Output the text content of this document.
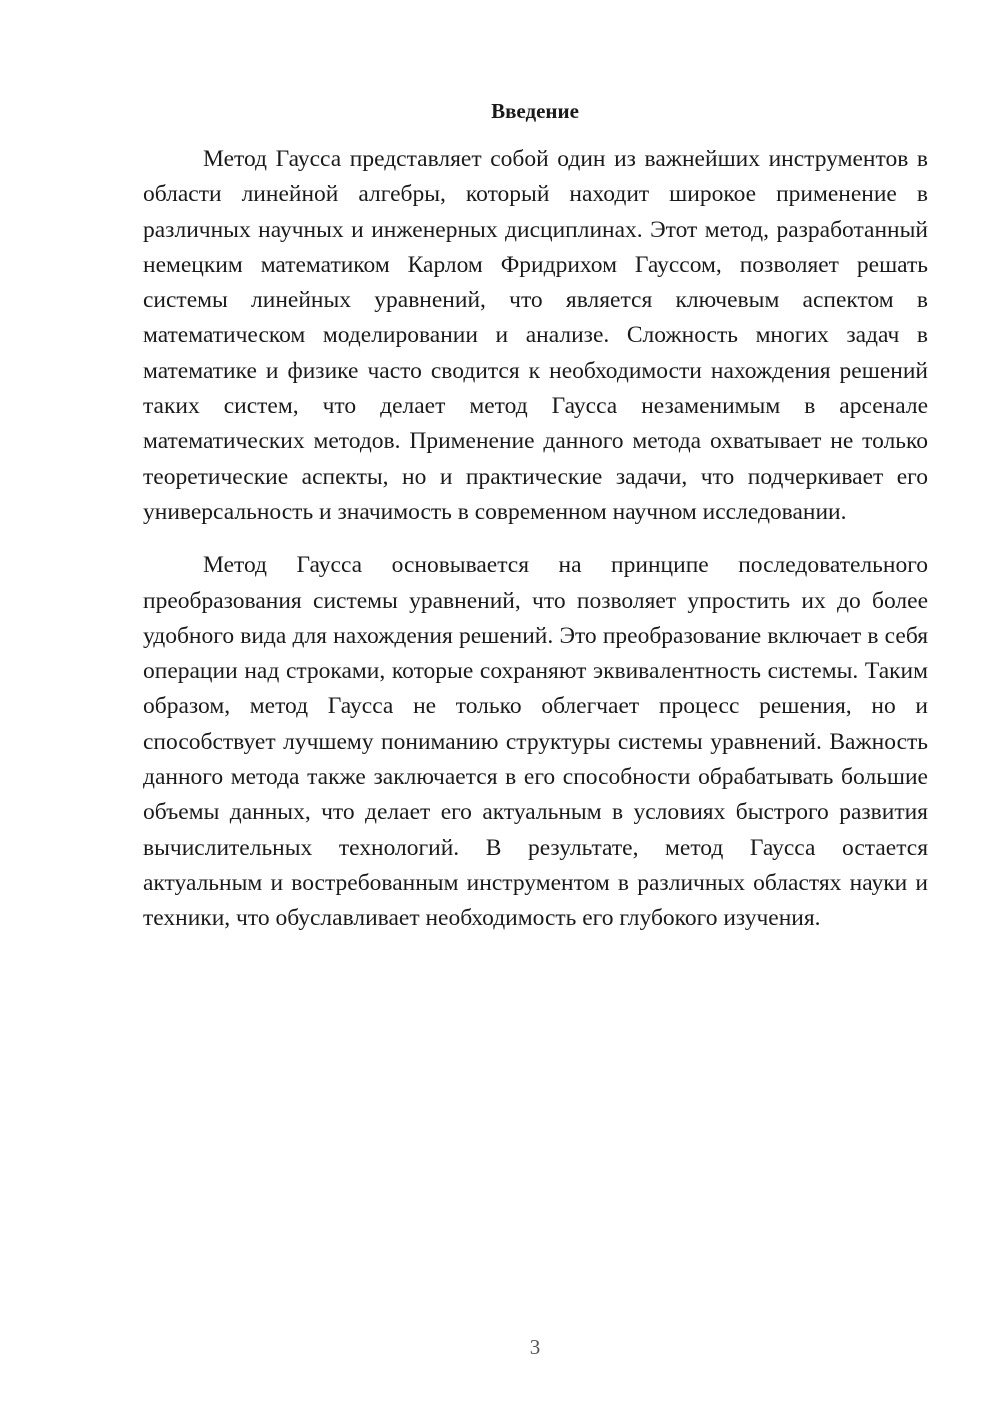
Введение

Метод Гаусса представляет собой один из важнейших инструментов в области линейной алгебры, который находит широкое применение в различных научных и инженерных дисциплинах. Этот метод, разработанный немецким математиком Карлом Фридрихом Гауссом, позволяет решать системы линейных уравнений, что является ключевым аспектом в математическом моделировании и анализе. Сложность многих задач в математике и физике часто сводится к необходимости нахождения решений таких систем, что делает метод Гаусса незаменимым в арсенале математических методов. Применение данного метода охватывает не только теоретические аспекты, но и практические задачи, что подчеркивает его универсальность и значимость в современном научном исследовании.

Метод Гаусса основывается на принципе последовательного преобразования системы уравнений, что позволяет упростить их до более удобного вида для нахождения решений. Это преобразование включает в себя операции над строками, которые сохраняют эквивалентность системы. Таким образом, метод Гаусса не только облегчает процесс решения, но и способствует лучшему пониманию структуры системы уравнений. Важность данного метода также заключается в его способности обрабатывать большие объемы данных, что делает его актуальным в условиях быстрого развития вычислительных технологий. В результате, метод Гаусса остается актуальным и востребованным инструментом в различных областях науки и техники, что обуславливает необходимость его глубокого изучения.

3
